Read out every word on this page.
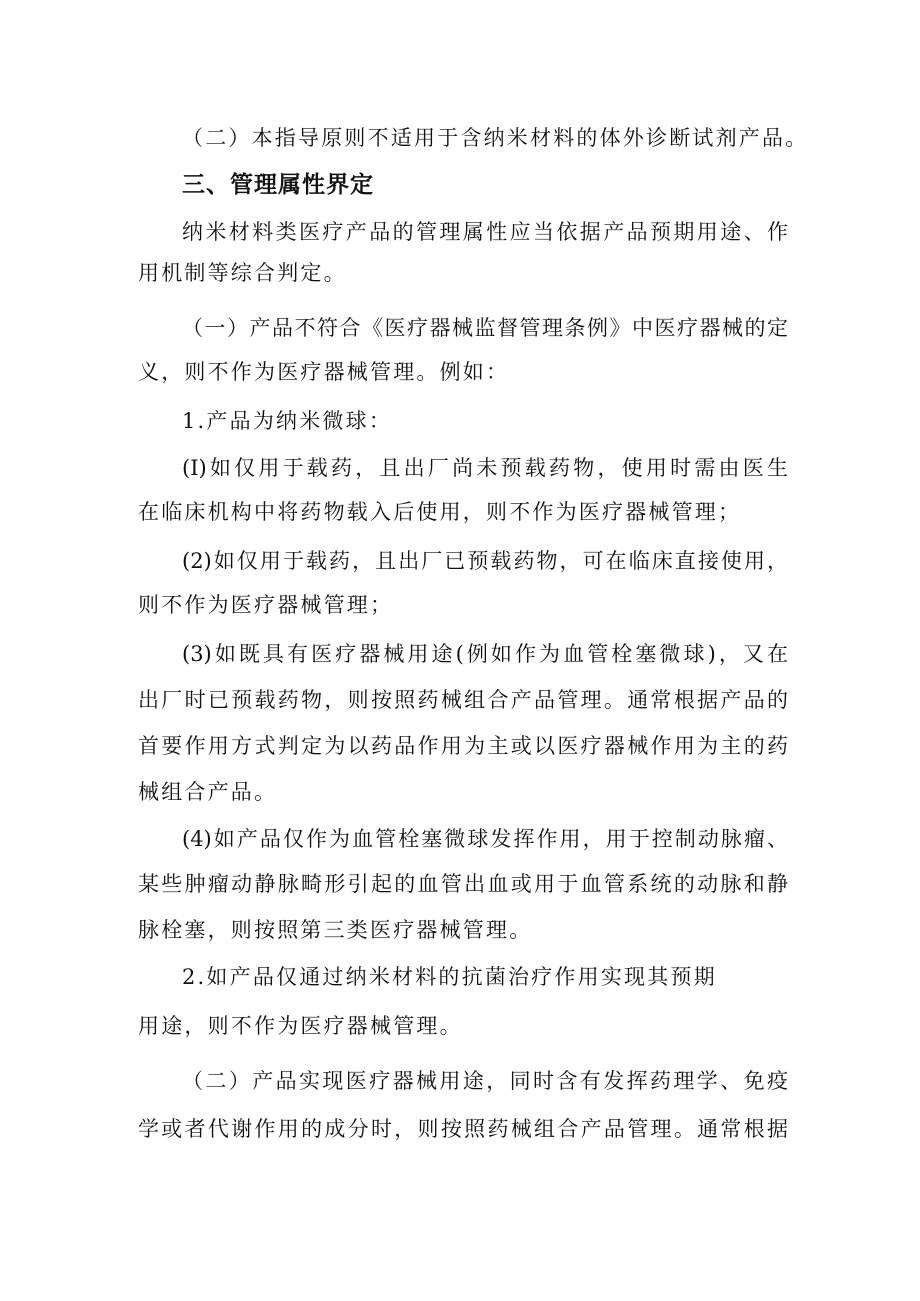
（二）本指导原则不适用于含纳米材料的体外诊断试剂产品。
三、管理属性界定
纳米材料类医疗产品的管理属性应当依据产品预期用途、作
用机制等综合判定。
（一）产品不符合《医疗器械监督管理条例》中医疗器械的定
义，则不作为医疗器械管理。例如：
1.产品为纳米微球：
(I)如仅用于载药，且出厂尚未预载药物，使用时需由医生
在临床机构中将药物载入后使用，则不作为医疗器械管理；
(2)如仅用于载药，且出厂已预载药物，可在临床直接使用，
则不作为医疗器械管理；
(3)如既具有医疗器械用途(例如作为血管栓塞微球)，又在
出厂时已预载药物，则按照药械组合产品管理。通常根据产品的
首要作用方式判定为以药品作用为主或以医疗器械作用为主的药
械组合产品。
(4)如产品仅作为血管栓塞微球发挥作用，用于控制动脉瘤、
某些肿瘤动静脉畸形引起的血管出血或用于血管系统的动脉和静
脉栓塞，则按照第三类医疗器械管理。
2.如产品仅通过纳米材料的抗菌治疗作用实现其预期
用途，则不作为医疗器械管理。
（二）产品实现医疗器械用途，同时含有发挥药理学、免疫
学或者代谢作用的成分时，则按照药械组合产品管理。通常根据
